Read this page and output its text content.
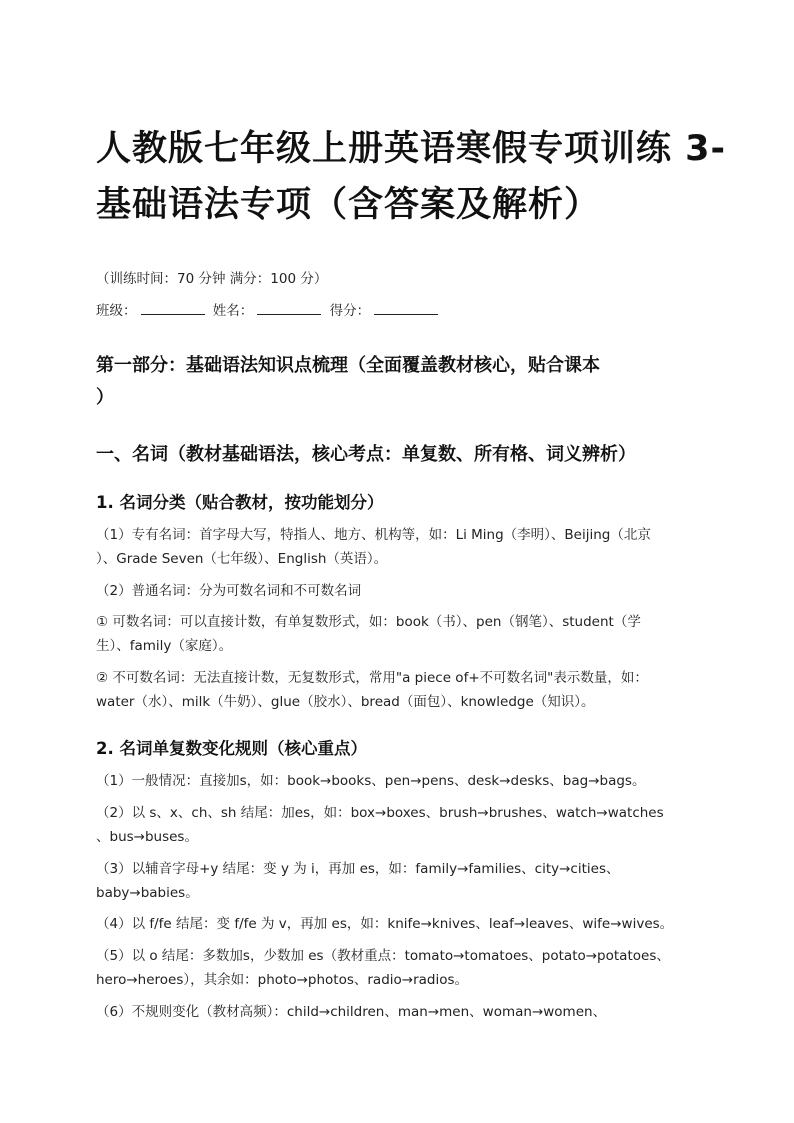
人教版七年级上册英语寒假专项训练 3-
基础语法专项（含答案及解析）
（训练时间：70 分钟 满分：100 分）
班级：	姓名：	得分：
第一部分：基础语法知识点梳理（全面覆盖教材核心，贴合课本
）
一、名词（教材基础语法，核心考点：单复数、所有格、词义辨析）
1. 名词分类（贴合教材，按功能划分）
（1）专有名词：首字母大写，特指人、地方、机构等，如：Li Ming（李明）、Beijing（北京
）、Grade Seven（七年级）、English（英语）。
（2）普通名词：分为可数名词和不可数名词
① 可数名词：可以直接计数，有单复数形式，如：book（书）、pen（钢笔）、student（学
生）、family（家庭）。
② 不可数名词：无法直接计数，无复数形式，常用"a piece of+不可数名词"表示数量，如：
water（水）、milk（牛奶）、glue（胶水）、bread（面包）、knowledge（知识）。
2. 名词单复数变化规则（核心重点）
（1）一般情况：直接加s，如：book→books、pen→pens、desk→desks、bag→bags。
（2）以 s、x、ch、sh 结尾：加es，如：box→boxes、brush→brushes、watch→watches
、bus→buses。
（3）以辅音字母+y 结尾：变 y 为 i，再加 es，如：family→families、city→cities、
baby→babies。
（4）以 f/fe 结尾：变 f/fe 为 v，再加 es，如：knife→knives、leaf→leaves、wife→wives。
（5）以 o 结尾：多数加s，少数加 es（教材重点：tomato→tomatoes、potato→potatoes、
hero→heroes），其余如：photo→photos、radio→radios。
（6）不规则变化（教材高频）：child→children、man→men、woman→women、
